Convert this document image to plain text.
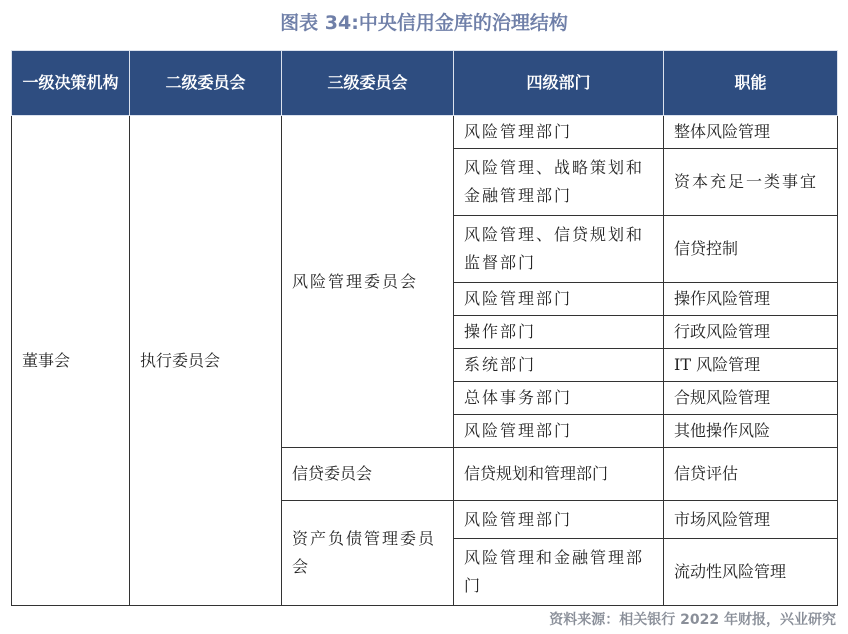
图表 34:中央信用金库的治理结构
一级决策机构	二级委员会	三级委员会	四级部门	职能
董事会	执行委员会	风险管理委员会	风险管理部门	整体风险管理
			风险管理、战略策划和金融管理部门	资本充足一类事宜
			风险管理、信贷规划和监督部门	信贷控制
			风险管理部门	操作风险管理
			操作部门	行政风险管理
			系统部门	IT 风险管理
			总体事务部门	合规风险管理
			风险管理部门	其他操作风险
		信贷委员会	信贷规划和管理部门	信贷评估
		资产负债管理委员会	风险管理部门	市场风险管理
			风险管理和金融管理部门	流动性风险管理
资料来源：相关银行 2022 年财报，兴业研究
